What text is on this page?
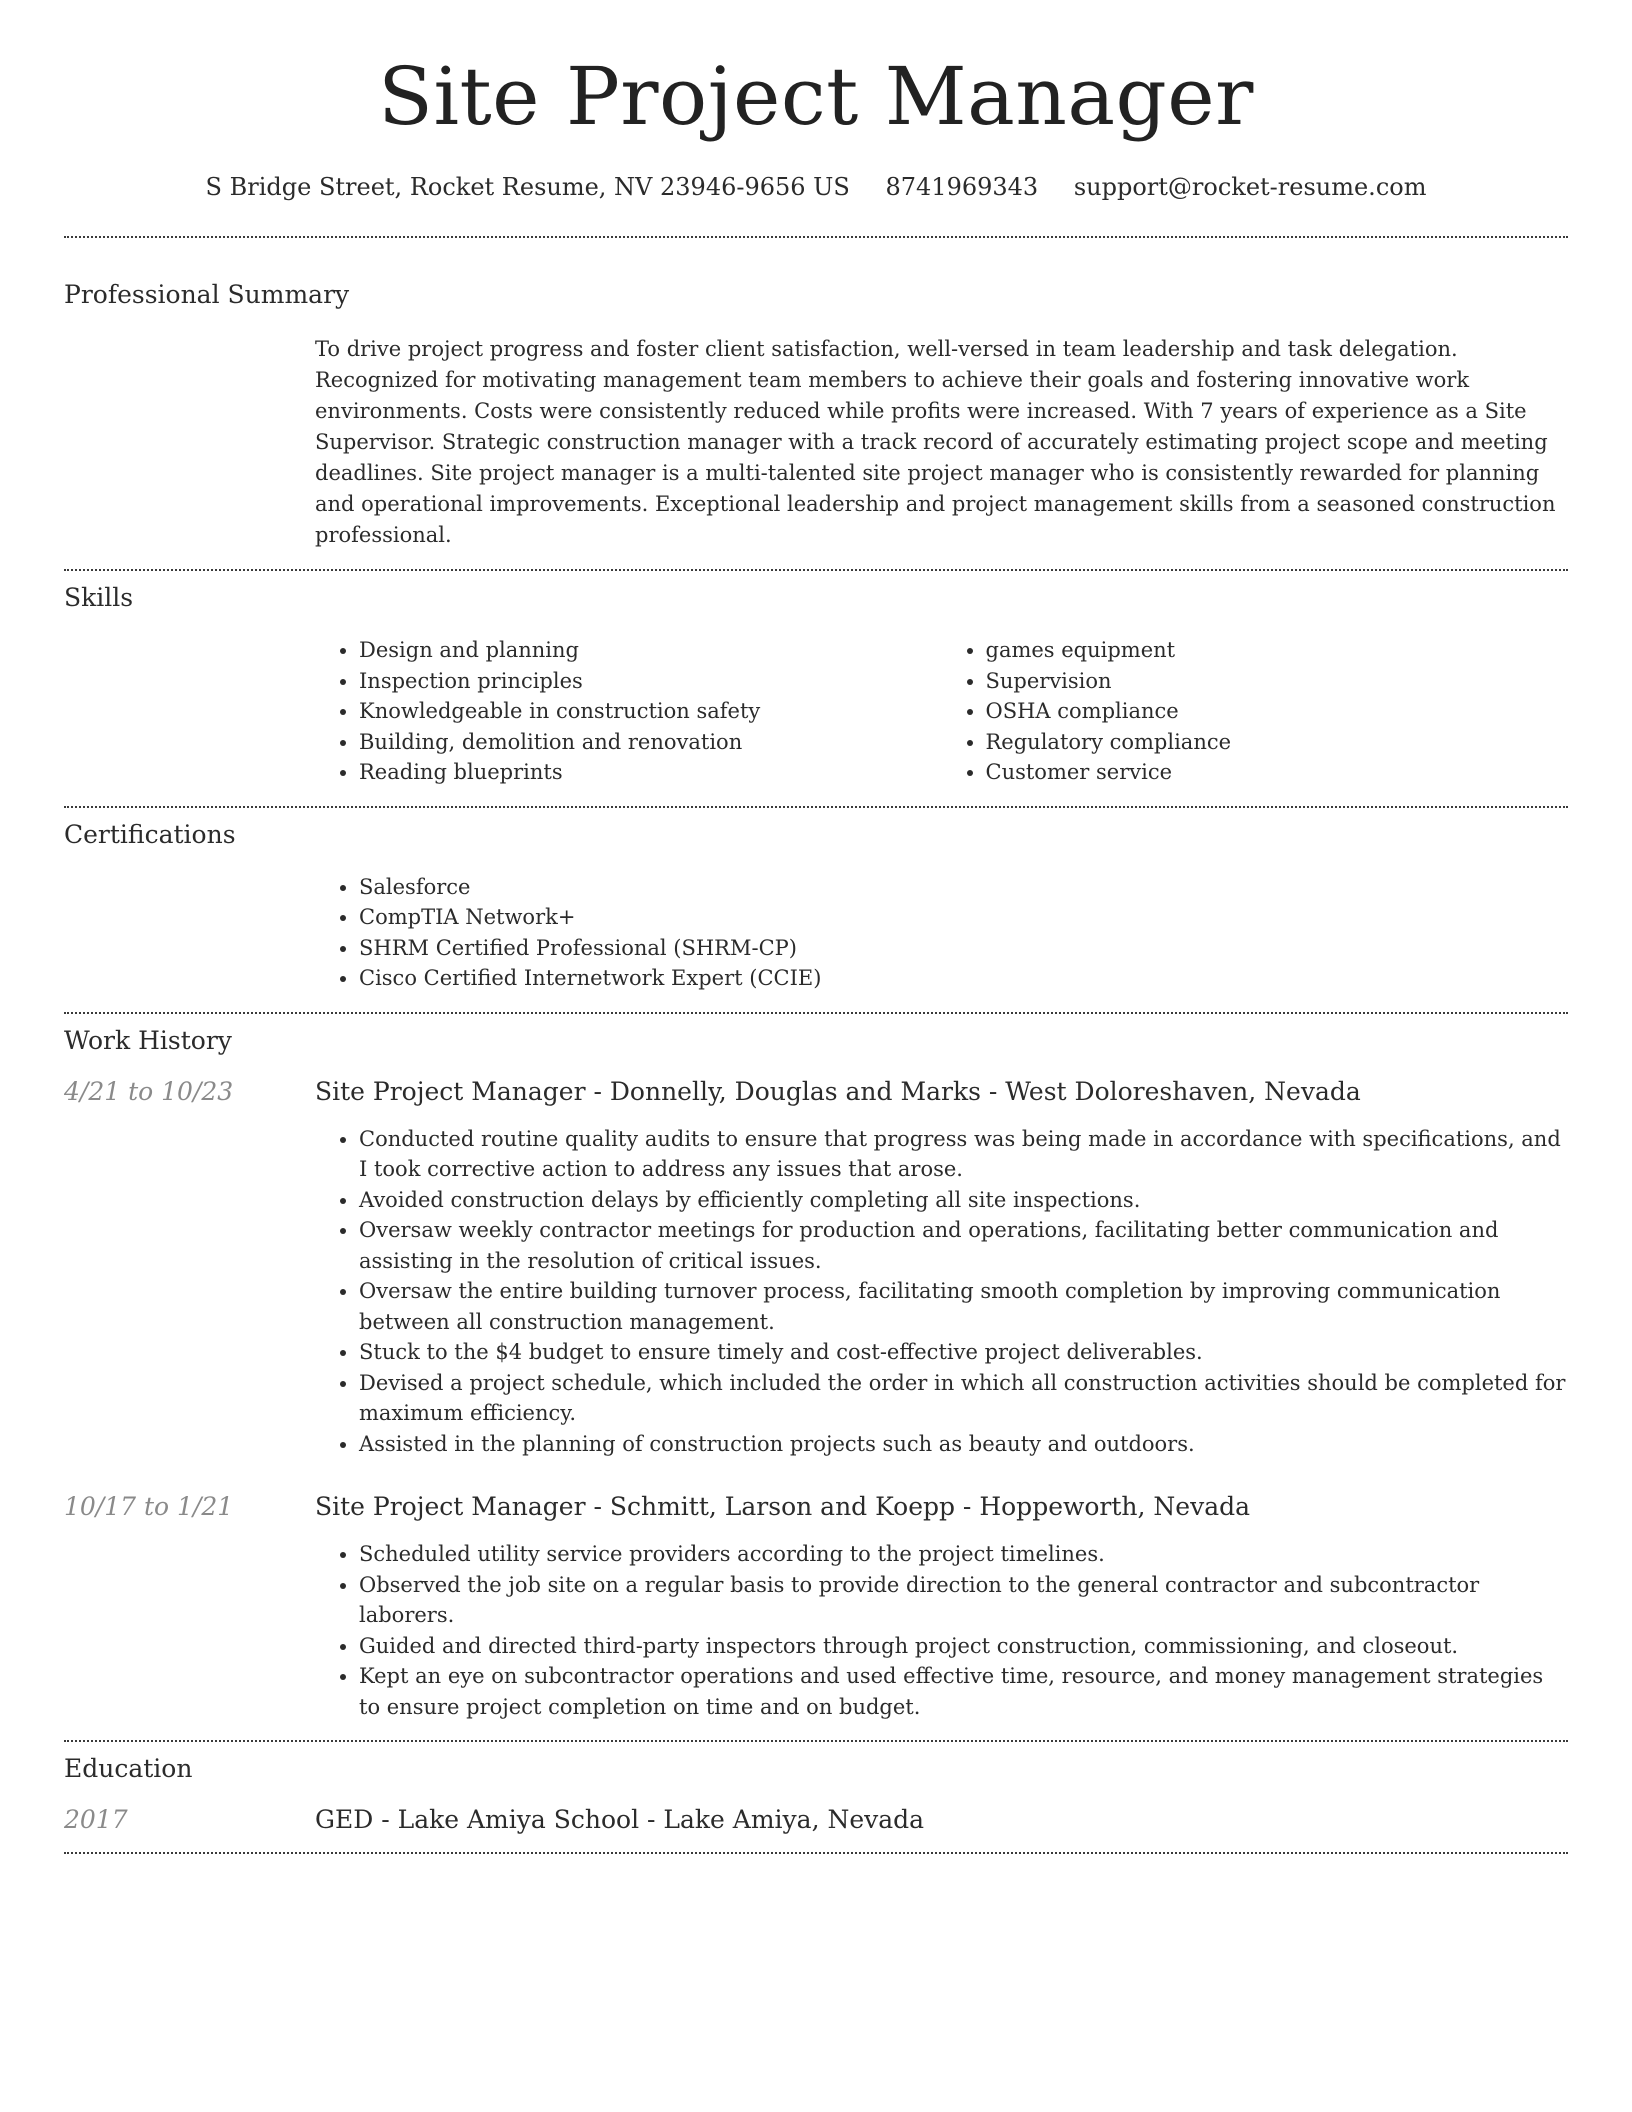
Site Project Manager
S Bridge Street, Rocket Resume, NV 23946-9656 US 8741969343 support@rocket-resume.com
Professional Summary

To drive project progress and foster client satisfaction, well-versed in team leadership and task delegation. Recognized for motivating management team members to achieve their goals and fostering innovative work environments. Costs were consistently reduced while profits were increased. With 7 years of experience as a Site Supervisor. Strategic construction manager with a track record of accurately estimating project scope and meeting deadlines. Site project manager is a multi-talented site project manager who is consistently rewarded for planning and operational improvements. Exceptional leadership and project management skills from a seasoned construction professional.

Skills
• Design and planning
• Inspection principles
• Knowledgeable in construction safety
• Building, demolition and renovation
• Reading blueprints
• games equipment
• Supervision
• OSHA compliance
• Regulatory compliance
• Customer service
Certifications
• Salesforce
• CompTIA Network+
• SHRM Certified Professional (SHRM-CP)
• Cisco Certified Internetwork Expert (CCIE)
Work History
4/21 to 10/23	Site Project Manager - Donnelly, Douglas and Marks - West Doloreshaven, Nevada
• Conducted routine quality audits to ensure that progress was being made in accordance with specifications, and I took corrective action to address any issues that arose.
• Avoided construction delays by efficiently completing all site inspections.
• Oversaw weekly contractor meetings for production and operations, facilitating better communication and assisting in the resolution of critical issues.
• Oversaw the entire building turnover process, facilitating smooth completion by improving communication between all construction management.
• Stuck to the $4 budget to ensure timely and cost-effective project deliverables.
• Devised a project schedule, which included the order in which all construction activities should be completed for maximum efficiency.
• Assisted in the planning of construction projects such as beauty and outdoors.
10/17 to 1/21	Site Project Manager - Schmitt, Larson and Koepp - Hoppeworth, Nevada
• Scheduled utility service providers according to the project timelines.
• Observed the job site on a regular basis to provide direction to the general contractor and subcontractor laborers.
• Guided and directed third-party inspectors through project construction, commissioning, and closeout.
• Kept an eye on subcontractor operations and used effective time, resource, and money management strategies to ensure project completion on time and on budget.
Education
2017	GED - Lake Amiya School - Lake Amiya, Nevada
